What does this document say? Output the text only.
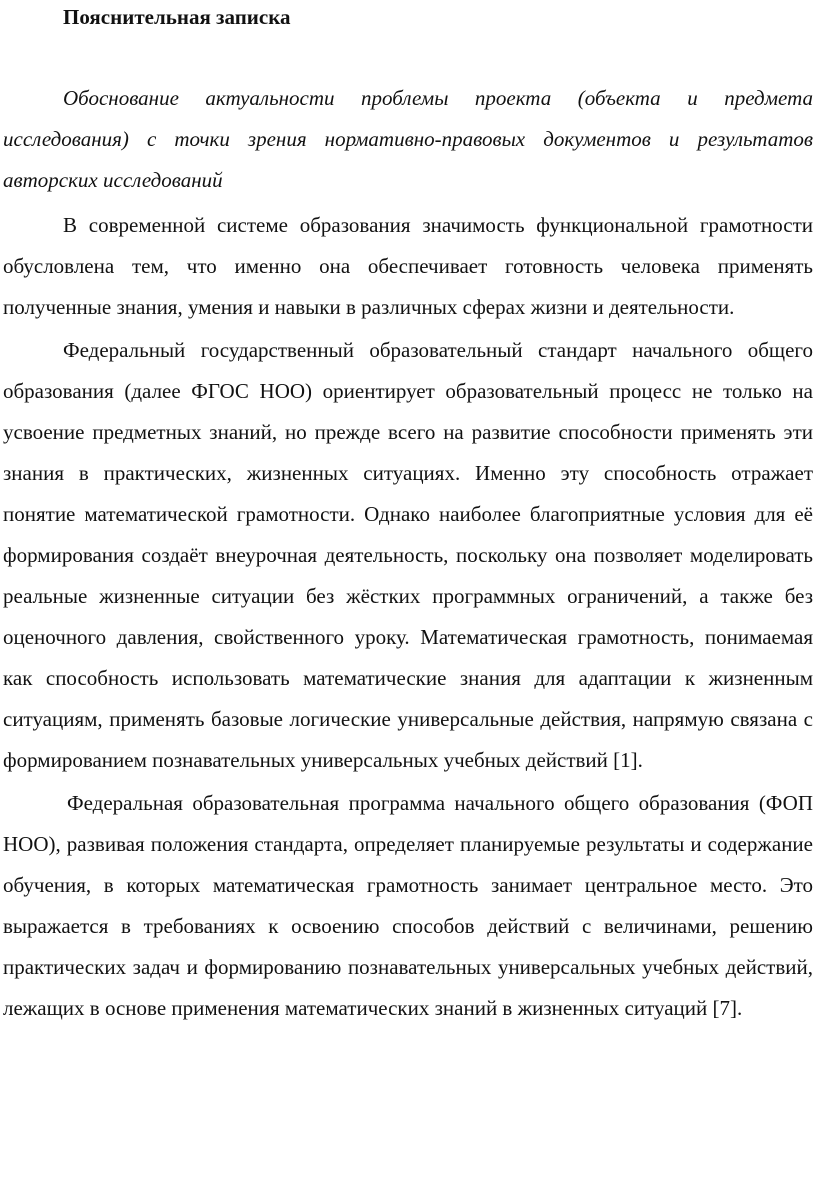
Пояснительная записка

Обоснование актуальности проблемы проекта (объекта и предмета исследования) с точки зрения нормативно-правовых документов и результатов авторских исследований

В современной системе образования значимость функциональной грамотности обусловлена тем, что именно она обеспечивает готовность человека применять полученные знания, умения и навыки в различных сферах жизни и деятельности.

Федеральный государственный образовательный стандарт начального общего образования (далее ФГОС НОО) ориентирует образовательный процесс не только на усвоение предметных знаний, но прежде всего на развитие способности применять эти знания в практических, жизненных ситуациях. Именно эту способность отражает понятие математической грамотности. Однако наиболее благоприятные условия для её формирования создаёт внеурочная деятельность, поскольку она позволяет моделировать реальные жизненные ситуации без жёстких программных ограничений, а также без оценочного давления, свойственного уроку. Математическая грамотность, понимаемая как способность использовать математические знания для адаптации к жизненным ситуациям, применять базовые логические универсальные действия, напрямую связана с формированием познавательных универсальных учебных действий [1].

Федеральная образовательная программа начального общего образования (ФОП НОО), развивая положения стандарта, определяет планируемые результаты и содержание обучения, в которых математическая грамотность занимает центральное место. Это выражается в требованиях к освоению способов действий с величинами, решению практических задач и формированию познавательных универсальных учебных действий, лежащих в основе применения математических знаний в жизненных ситуаций [7].
